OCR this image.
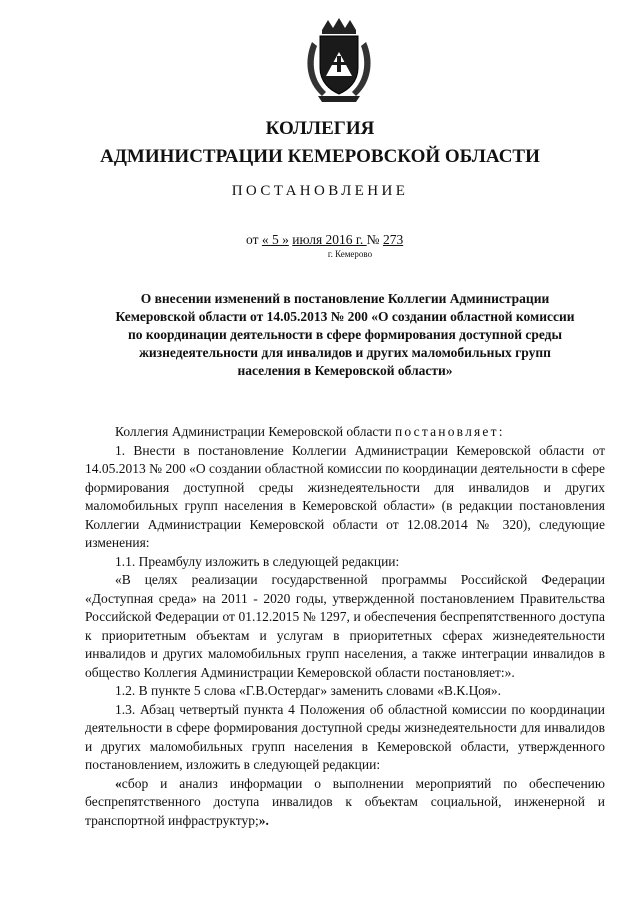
КОЛЛЕГИЯ
АДМИНИСТРАЦИИ КЕМЕРОВСКОЙ ОБЛАСТИ
ПОСТАНОВЛЕНИЕ
от « 5 » июля 2016 г. № 273
г. Кемерово
О внесении изменений в постановление Коллегии Администрации
Кемеровской области от 14.05.2013 № 200 «О создании областной комиссии
по координации деятельности в сфере формирования доступной среды
жизнедеятельности для инвалидов и других маломобильных групп
населения в Кемеровской области»

Коллегия Администрации Кемеровской области постановляет:

1. Внести в постановление Коллегии Администрации Кемеровской области от 14.05.2013 № 200 «О создании областной комиссии по координации деятельности в сфере формирования доступной среды жизнедеятельности для инвалидов и других маломобильных групп населения в Кемеровской области» (в редакции постановления Коллегии Администрации Кемеровской области от 12.08.2014 № 320), следующие изменения:

1.1. Преамбулу изложить в следующей редакции:

«В целях реализации государственной программы Российской Федерации «Доступная среда» на 2011 - 2020 годы, утвержденной постановлением Правительства Российской Федерации от 01.12.2015 № 1297, и обеспечения беспрепятственного доступа к приоритетным объектам и услугам в приоритетных сферах жизнедеятельности инвалидов и других маломобильных групп населения, а также интеграции инвалидов в общество Коллегия Администрации Кемеровской области постановляет:».

1.2. В пункте 5 слова «Г.В.Остердаг» заменить словами «В.К.Цоя».

1.3. Абзац четвертый пункта 4 Положения об областной комиссии по координации деятельности в сфере формирования доступной среды жизнедеятельности для инвалидов и других маломобильных групп населения в Кемеровской области, утвержденного постановлением, изложить в следующей редакции:

«сбор и анализ информации о выполнении мероприятий по обеспечению беспрепятственного доступа инвалидов к объектам социальной, инженерной и транспортной инфраструктур;».
